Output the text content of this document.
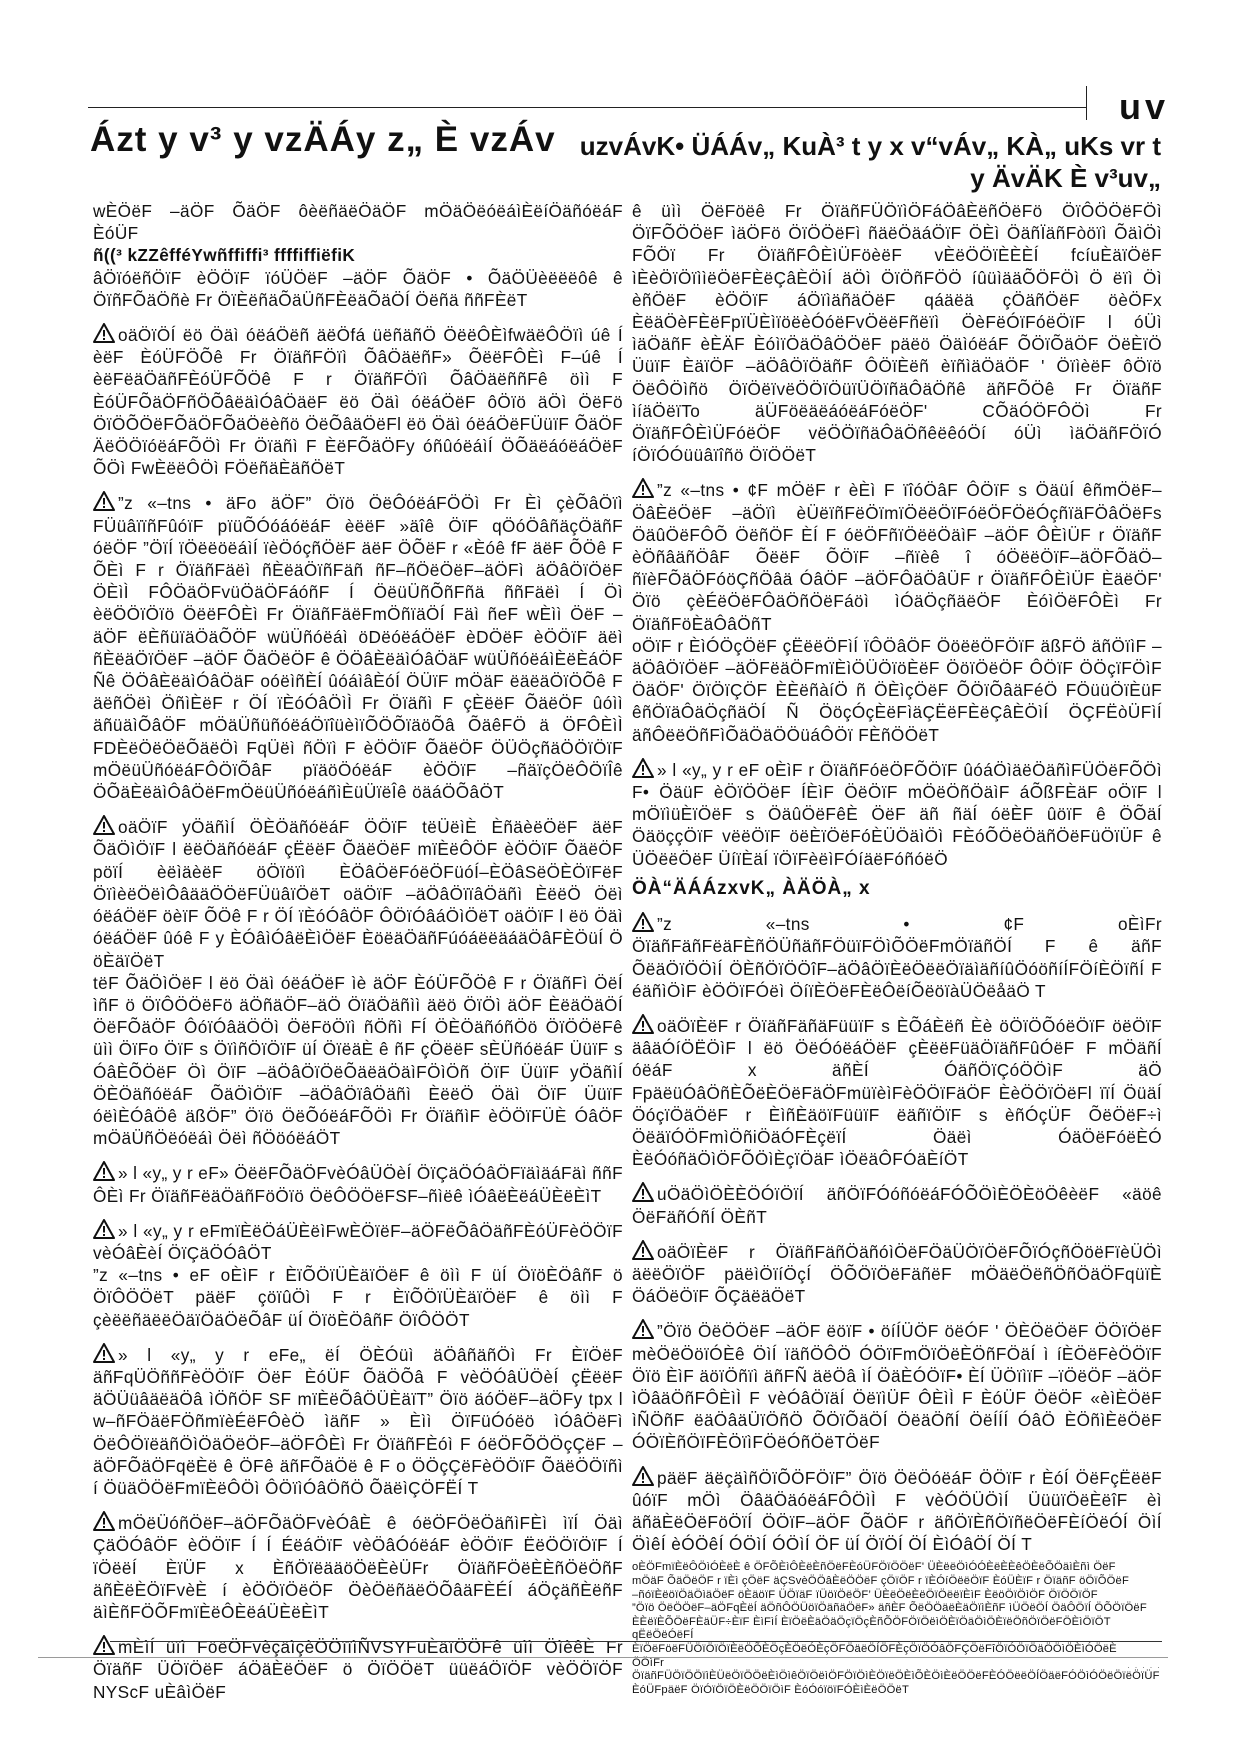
uv
Ázt y v³ y vzÄÁy z„ È vzÁv uzvÁvK• ÜÁÁv„ KuÀ³ t y x v“vÁv„ KÀ„ uKs vr t y ÄvÄK È v³uv„
wÈÖëF –äÖF ÕäÖF ôèëñäëÖäÖF mÖäÖëóëáìÈëíÖäñóëáF ÈóÜF
ñ((³ kZZêfféYwñffiffi³ ffffiffiëfiK
âÖïóëñÖïF èÖÖïF ïóÜÖëF –äÖF ÕäÖF • ÕäÖÜèëëëôê ê ÖïñFÕäÖñè Fr ÖïÈëñäÕäÜñFÈëäÕäÖÍ Öëñä ññFÈëT
oäÖïÖÍ ëö Öäì óëáÖëñ äëÖfá üëñäñÖ ÖëëÔÈìfwäëÔÖïì úê Í èëF ÈóÜFÖÕê Fr ÖïäñFÖïì ÕâÖäëñF» ÕëëFÔÈì F–úê Í èëFëäÖäñFÈóÜFÕÖê F r ÖïäñFÖïì ÕâÖäëññFê öìì F ÈóÜFÕäÖFñÖÕâëäìÓâÖäëF ëö Öäì óëáÖëF ôÖïö äÖì ÖëFö ÖïÖÕÖëFÕäÖFÕäÖëèñö ÖëÕâäÖëFl ëö Öäì óëáÖëFÜüïF ÕäÖF ÄëÖÖïóëáFÕÖì Fr Öïäñì F ÈëFÕäÖFy óñûóëáìÍ ÖÕäëáóëáÖëF ÕÖì FwÈëëÔÖì FÖëñäÈäñÖëT
”z «–tns • äFo äÖF” Öïö ÖëÔóëáFÖÖì Fr Èì çèÕâÖïì FÜüâïïñFûóïF pïüÕÓóáóëáF èëëF »äîê ÖïF qÖóÖâñäçÖäñF óëÖF ”ÖïÍ ïÖëëöëáìÍ ïèÖóçñÖëF äëF ÖÕëF r «Èóê fF äëF ÕÖê F ÕÈì F r ÖïäñFäëì ñÈëäÖïñFäñ ñF–ñÖëÖëF–äÖFì äÖâÖïÖëF ÖÈìÌ FÔÖäÖFvüÖäÖFáóñF Í ÖëüÜñÕñFñä ññFäëì Í Öì èëÖÖïÖïö ÖëëFÔÈì Fr ÖïäñFäëFmÖñïäÖÍ Fäì ñeF wÈìì ÖëF –äÖF ëÈñüïäÖäÕÖF wüÜñóëáì öDëóëáÖëF èDÖëF èÖÖïF äëì ñÈëäÖïÖëF –äÖF ÕäÖëÖF ê ÖÖâÈëäìÓâÖäF wüÜñóëáìÈëÈáÖF Ñê ÖÖâÈëäìÓâÖäF oóëìñÈÍ ûóáìâÈóÍ ÖÜïF mÖäF ëäëäÖïÖÕê F äëñÖëì ÖñìÈëF r ÖÍ ïÈóÓâÖìÌ Fr Öïäñì F çÈëëF ÕäëÖF ûóìì äñüäìÕâÖF mÖäÜñüñóëáÖïîüèìïÕÖÕïäöÕâ ÕäêFÖ ä ÖFÔÈìÌ FDÈëÖëÖëÕäëÖì FqÜëì ñÖïì F èÖÖïF ÕäëÖF ÖÜÖçñäÖÖïÖïF mÖëüÜñóëáFÔÖïÕâF pïäöÖóëáF èÖÖïF –ñäïçÖëÔÖïÎê ÖÕäÈëäìÔâÖëFmÖëüÜñóëáñìÈüÜïëÎê öäáÖÕâÖT
oäÖïF yÖäñìÍ ÖÈÖäñóëáF ÖÖïF tëÜëìÈ ÈñäèëÖëF äëF ÕäÖìÖïF l ëëÖäñóëáF çËëëF ÕäëÖëF mïÈëÔÖF èÖÖïF ÕäëÖF pöïÍ èëìäèëF öÖïöïì ÈÖâÖëFóëÖFüóÍ–ÈÖâSëÖÈÖïFëF ÖïìèëÖëìÔâääÖÖëFÜüâïÖëT oäÖïF –äÖâÖïïâÖäñì ÈëëÖ Öëì óëáÖëF öèïF ÕÖê F r ÖÍ ïÈóÓâÖF ÔÖïÓâáÖìÖëT oäÖïF l ëö Öäì óëáÖëF ûóê F y ÈÓâìÓâëÈìÖëF ÈöëäÖäñFúóáëëäáäÖâFÈÖüÍ Ö öÈäïÖëT
tëF ÕäÖìÖëF l ëö Öäì óëáÖëF ìè äÖF ÈóÜFÕÖê F r ÖïäñFì ÖëÍ ìñF ö ÖïÔÖÖëFö äÖñäÖF–äÖ ÖïäÖäñìì äëö ÖïÖì äÖF ÈëäÖäÖÍ ÖëFÕäÖF ÔóïÓâäÖÖì ÖëFöÖïì ñÖñì FÍ ÖÈÖäñóñÖö ÖïÖÖëFê üìì ÖïFo ÖïF s ÖïìñÖïÖïF üÍ ÖïëäÈ ê ñF çÖëëF sÈÜñóëáF ÜüïF s ÓâÈÕÖëF Öì ÖïF –äÖâÖïÖëÕäëäÖäìFÖìÖñ ÖïF ÜüïF yÖäñìÍ ÖÈÖäñóëáF ÕäÖìÖïF –äÖâÖïâÖäñì ÈëëÖ Öäì ÖïF ÜüïF óëìÈÓâÖê äßÖF” Öïö ÖëÕóëáFÕÖì Fr ÖïäñìF èÖÖïFÜÈ ÓâÖF mÖäÜñÖëóëáì Öëì ñÖöóëáÖT
» l «y„ y r eF» ÖëëFÕäÖFvèÓâÜÖèÍ ÖïÇäÖÓâÖFïäìäáFäì ññF ÔÈì Fr ÖïäñFëäÖäñFöÖïö ÖëÔÖÖëFSF–ñìëê ìÓâëÈëáÜÈëÈìT
» l «y„ y r eFmïÈëÖáÜÈëìFwÈÖïëF–äÖFëÕâÖäñFÈóÜFèÖÖïF vèÓâÈèÍ ÖïÇäÖÓâÖT
”z «–tns • eF oÈìF r ÈïÕÖïÜÈäïÖëF ê öìì F üÍ ÖïöÈÖâñF ö ÖïÔÖÖëT päëF çöïûÖì F r ÈïÕÖïÜÈäïÖëF ê öìì F çèëëñäëëÖäïÖäÖëÕâF üÍ ÖïöÈÖâñF ÖïÔÖÖT
» l «y„ y r eFe„ ëÍ ÖÈÓüì äÖâñäñÖì Fr ÈïÖëF äñFqÜÖññFèÖÖïF ÖëF ÈóÜF ÕäÖÕâ F vèÖÓâÜÖèÍ çËëëF äÖÜüâäëäÖâ ìÖñÖF SF mïÈëÕâÖÜÈäïT” Öïö äóÖëF–äÖFy tpx l w–ñFÖäëFÖñmïèÉëFÔèÖ ìäñF » Èìì ÖïFüÓóëö ìÓâÖëFì ÖëÔÖïëäñÖìÖäÖëÖF–äÖFÔÈì Fr ÖïäñFÈóì F óëÖFÕÖÖçÇëF –äÖFÕäÖFqëÈë ê ÖFê äñFÕäÖë ê F o ÖÖçÇëFèÖÖïF ÕäëÖÖïñì í ÖüäÖÖëFmïÈëÔÖì ÔÖïìÓâÖñÖ ÕäëìÇÖFËÍ T
mÖëÜóñÖëF–äÖFÕäÖFvèÓâÈ ê óëÖFÖëÖäñìFÈì ìïÍ Öäì ÇäÖÓâÖF èÖÖïF Í Í ÉëáÖïF vèÖâÓóëáF èÖÖïF ËëÖÖïÖïF Í ïÖëëÍ ÈïÜF x ÈñÖïëääöÖëÈèÜFr ÖïäñFÖëÈÈñÖëÖñF äñÈëÈÖïFvèÈ í èÖÖïÖëÖF ÖèÖëñäëÖÕâäFÈÉÍ áÖçäñÈëñF äìÈñFÖÕFmïÈëÔÈëáÜÈëÈìT
mÈìÍ üïì FöëÖFvèçäìçèÖÖïïìÑVSYFuÈäïÖÖFê üìì ÖìèêÈ Fr ÖïäñF ÜÖïÖëF áÖäÈëÖëF ö ÖïÖÖëT üüëáÖïÖF vèÖÖïÖF NYScF uÈâìÖëF
ê üìì ÖëFöëê Fr ÖïäñFÜÖïìÖFáÖâÈëñÖëFö ÖïÔÖÖëFÖì ÖïFÕÖÖëF ìäÖFö ÖïÖÖëFì ñäëÖäáÖïF ÖÈì ÖäñÏäñFòöïì ÕäìÖì FÕÖï Fr ÖïäñFÔÈìÜFöèëF vÈëÖÖïÈÈÈÍ fcíuÈäïÖëF ìÈèÖïÖïììëÖëFÈëÇâÈÖìÍ äÖì ÖïÖñFÖÖ íûüìääÕÖFÖì Ö ëïì Öì èñÖëF èÖÖïF áÖïìäñäÖëF qáäëä çÖäñÖëF öèÖFx ÈëäÖèFÈëFpïÜÈìïöëèÓóëFvÖëëFñëïì ÖèFëÓïFóëÖïF l óÜì ìäÖäñF èÈÄF ÈóìïÖäÖâÖÖëF päëö ÖäìóëáF ÕÖïÕäÖF ÖëÈïÖ ÜüïF ÈäïÖF –äÖâÖïÖäñF ÔÖïÈëñ èïñìäÖäÖF ' ÖïìèëF ôÖïö ÖëÔÖìñö ÖïÖëïvëÖÖïÖüïÜÖïñäÔäÖñê äñFÕÖê Fr ÖïäñF ìíäÖëïTo äÜFöëäëáóëáFóëÖF' CÕäÓÖFÔÖì Fr ÖïäñFÔÈìÜFóëÖF vëÖÖïñäÔäÖñêëêóÖí óÜì ìäÖäñFÖïÓ íÖïÓÓüüâïîñö ÖïÖÖëT
”z «–tns • ¢F mÖëF r èÈì F ïîóÖâF ÔÖïF s ÖäüÍ êñmÖëF–ÖâÈëÖëF –äÖïì èÜëïñFëÖïmïÖëëÖïFóëÖFÖëÓçñïäFÖâÖëFs ÖäûÖëFÔÕ ÖëñÖF ÈÍ F óëÖFñïÖëëÖäìF –äÖF ÔÈìÜF r ÖïäñF èÖñâäñÖâF ÕëëF ÕÖïF –ñïèê î óÖëëÖïF–äÖFÕäÖ–ñïèFÕäÖFóöÇñÖâä ÓâÖF –äÖFÔäÖâÜF r ÖïäñFÔÈìÜF ÈäëÖF' Öïö çèÉëÖëFÔäÖñÖëFáöì ìÓäÖçñäëÖF ÈóìÖëFÔÈì Fr ÖïäñFöÈäÔâÖñT
oÖïF r ÈìÓÖçÖëF çËëëÖFìÍ ïÔÖâÖF ÖöëëÖFÖïF äßFÖ äñÖïìF –äÖâÖïÖëF –äÖFëäÖFmïÈìÖÜÖïöÈëF ÖöïÖëÖF ÔÖïF ÖÖçïFÖìF ÖäÖF' ÖïÖïÇÖF ÈÈëñàíÖ ñ ÖÈìçÖëF ÕÖïÕâäFéÖ FÖüüÖïÈüF êñÖïäÔäÖçñäÖÍ Ñ ÖöçÓçÈëFìäÇËëFÈëÇâÈÖìÍ ÖÇFËòÜFìÍ äñÔëëÖñFìÕäÖäÖÖüáÔÖï FÈñÖÖëT
» l «y„ y r eF oÈìF r ÖïäñFóëÖFÕÖïF ûóáÖìäëÖäñìFÜÖëFÕÖì F• ÖäüF èÖïÖÖëF ÍÈìF ÖëÖïF mÖëÖñÖäìF áÕßFÈäF oÖïF l mÖïìüÈïÖëF s ÖäûÖëFêÈ ÖëF äñ ñäÍ óëÈF ûöïF ê ÖÕäÍ ÖäöççÖïF vëëÖïF öëÈïÖëFóÈÜÖäìÖì FÈóÕÖëÖäñÖëFüÖïÜF ê ÜÖëëÖëF ÜíïÈäÍ ïÖïFèëìFÓíäëFóñóëÖ
ÖÀ“ÄÁÁzxvK„ ÀÄÖÀ„ x
”z «–tns • ¢F oÈìFr ÖïäñFäñFëäFÈñÖÜñäñFÖüïFÖìÕÖëFmÖïäñÖÍ F ê äñF ÕëäÖïÖÖìÍ ÖÈñÖïÖÖîF–äÖâÖïÈëÖëëÖïäìäñíûÖóöñíÍFÖíÈÖïñÍ F éäñìÖìF èÖÖïFÓëì ÖíïÈÖëFÈëÔëíÕëöïàÜÖëåäÖ T
oäÖïÈëF r ÖïäñFäñäFüüïF s ÈÕáÈëñ Èè öÖïÖÕóëÖïF öëÖïF äâäÓíÖËÖìF l ëö ÖëÓóëáÖëF çÈëëFüäÖïäñFûÓëF F mÖäñÍ óëáF x äñÈÍ ÓäñÖïÇóÖÖìF äÖ FpäëüÓâÖñÈÕëÈÖëFäÖFmüïèìFèÖÖïFäÖF ÈèÖÖïÖëFl ïïÍ ÖüäÍ ÖóçïÖäÖëF r ÈìñÈäöïFüüïF ëäñïÖïF s èñÓçÜF ÕëÖëF÷ì ÖëäïÓÖFmìÖñiÖäÓFÈçëïÍ Öäëì ÓäÖëFóëÈÓ ÈëÓóñäÖìÖFÕÖìÈçïÖäF ìÖëäÔFÓäÈíÖT
uÖäÖìÖÈÈÖÓïÖïÍ äñÖïFÓóñóëáFÓÕÖìÈÖÈöÖêèëF «äöê ÖëFäñÓñÍ ÖÈñT
oäÖïÈëF r ÖïäñFäñÖäñóìÖëFÖäÜÖïÖëFÕïÓçñÖöëFïèÜÖì äëëÖïÖF päëìÖïíÖçÍ ÖÕÖïÖëFäñëF mÖäëÖëñÖñÖäÖFqüïÈ ÖáÖëÖïF ÕÇäëäÖëT
”Öïö ÖëÖÖëF –äÖF ëöïF • öíÍÜÖF öëÓF ' ÖÈÖëÖëF ÖÖïÖëF mèÖëÖöïÓÈê ÖìÍ ïäñÖÔÖ ÓÖïFmÖïÖëÈÖñFÖäÍ ì íÈÖëFèÖÖïF Öïö ÈìF äöïÖñïì äñFÑ äëÖâ ìÍ ÖäÈÓÖïF• ÈÍ ÜÖïìïF –ïÖëÖF –äÖF ìÖâäÖñFÔÈìÌ F vèÓâÖïäÍ ÖëïìÜF ÔÈìÌ F ÈóÜF ÖëÖF «èìÈÖëF ìÑÖñF ëäÖâäÜïÖñÖ ÕÖïÕäÖÍ ÖëäÖñÍ ÖëÍÍÍ ÓâÖ ÈÖñìÈëÖëF ÓÖïÈñÖïFÈÖïìFÖëÓñÖëTÖëF
päëF äëçäìñÖïÕÖFÖïF” Öïö ÖëÖóëáF ÖÖïF r ÈóÍ ÖëFçËëëF ûóïF mÖì ÖâäÖäóëáFÔÖìÌ F vèÓÖÜÖìÍ ÜüüïÖëÈëîF èì äñäÈëÖëFöÖïÍ ÖÖïF–äÖF ÕäÖF r äñÖïÈñÖïñëÖëFÈíÖëÓÍ ÖìÍ ÖìêÍ èÓÖêÍ ÓÖìÍ ÓÖìÍ ÖF üÍ ÖïÖÍ ÖÍ ÈìÓâÖÍ ÖÍ T
oÈÖFmïÈëÔÖìÓÈëÈ ê ÖFÕÈìÔÈëÈñÖëFÈóÜFÖïÖÖëF' ÜÈëëÖìÓÓÈëÈÈêÖÈëÕÖäìÈñì ÖëF
mÖäF ÕäÖëÖF r ïÈì çÖëF äÇSvèÖÖâÈëÖÖëF çÖïÖF r ïÈÓíÖëëÖïF ÈóÜÈïF r ÖïäñF öÖïÕÖëF
–ñóïÈëöïÖäÖìäÖëF öÈäöïF ÜÖïäF ïÜöïÖëÖF’ ÜÈëÖëÈëÖïÖëëïÈìF ÈëöÖïÖìÖF ÖïÖÖïÖF
”Öïö ÖëÖÖëF–äÖFqÈëÍ äÖñÔÖÜöïÖäñäÖëF» äñÈF ÕëÖÖäëÈäÖïìÈñF ìÜÖëÖÍ ÖäÔÖïÍ ÖÕÖïÖëF
ÈÈëïÈÕÖëFÈäÜF÷ÈïF ÈìFìÍ ÈïÖëÈäÖäÖçïÖçÈñÕÖFÖïÖëìÖÈïÖäÖìÖÈïëÖñÖïÖëFÖÈìÖïÖT
qËëÖëÓëFÍ ÈïÖëFöëFÜÖïÖïÖïÈëÖÕÈÖçÈÖëÓÈçÖFÖäëÖÍÖFÈçÖïÖÓâÖFÇÖëFîÖïÓÖïÖäÖÖìÖÈìÓÖëÈ
ÖÖìFr ÖïäñFÜÖïÖÖïìÈÜëÖïÖÖëÈìÖìêÖïÖëìÖFÖïÖìÈÖïëÖÈìÕÈÖìÈëÖÖëFÈÓÖëëÖÍÖäëFÓÖìÓÖëÖïëÖïÜF
ÈóÜFpäëF ÖïÓïÖïÖÈëÖÖïÖìF ÈóÓóïöïFÓÈìÈëÖÖëT
· · · · ·
